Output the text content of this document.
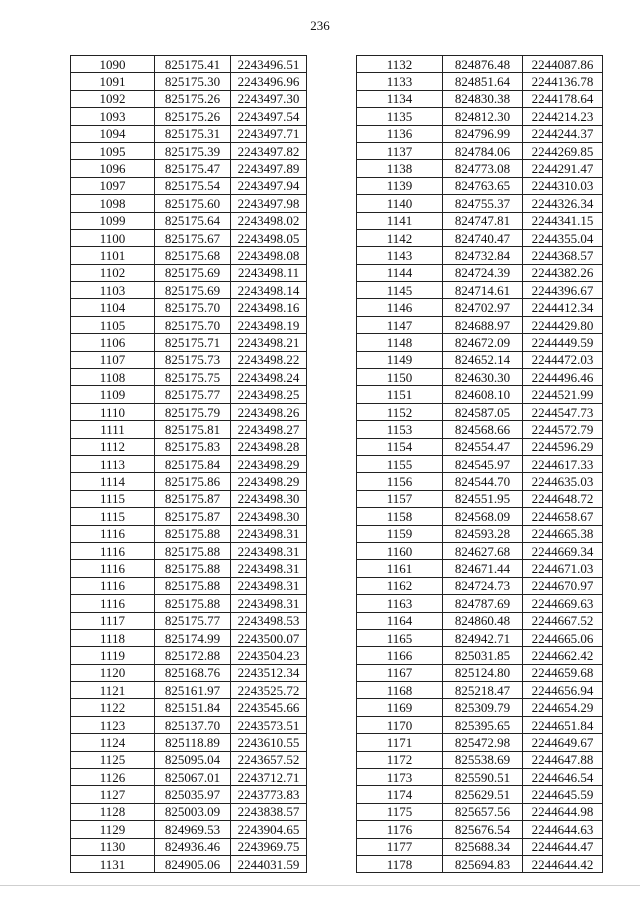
236
1090	825175.41	2243496.51
1091	825175.30	2243496.96
1092	825175.26	2243497.30
1093	825175.26	2243497.54
1094	825175.31	2243497.71
1095	825175.39	2243497.82
1096	825175.47	2243497.89
1097	825175.54	2243497.94
1098	825175.60	2243497.98
1099	825175.64	2243498.02
1100	825175.67	2243498.05
1101	825175.68	2243498.08
1102	825175.69	2243498.11
1103	825175.69	2243498.14
1104	825175.70	2243498.16
1105	825175.70	2243498.19
1106	825175.71	2243498.21
1107	825175.73	2243498.22
1108	825175.75	2243498.24
1109	825175.77	2243498.25
1110	825175.79	2243498.26
1111	825175.81	2243498.27
1112	825175.83	2243498.28
1113	825175.84	2243498.29
1114	825175.86	2243498.29
1115	825175.87	2243498.30
1115	825175.87	2243498.30
1116	825175.88	2243498.31
1116	825175.88	2243498.31
1116	825175.88	2243498.31
1116	825175.88	2243498.31
1116	825175.88	2243498.31
1117	825175.77	2243498.53
1118	825174.99	2243500.07
1119	825172.88	2243504.23
1120	825168.76	2243512.34
1121	825161.97	2243525.72
1122	825151.84	2243545.66
1123	825137.70	2243573.51
1124	825118.89	2243610.55
1125	825095.04	2243657.52
1126	825067.01	2243712.71
1127	825035.97	2243773.83
1128	825003.09	2243838.57
1129	824969.53	2243904.65
1130	824936.46	2243969.75
1131	824905.06	2244031.59
1132	824876.48	2244087.86
1133	824851.64	2244136.78
1134	824830.38	2244178.64
1135	824812.30	2244214.23
1136	824796.99	2244244.37
1137	824784.06	2244269.85
1138	824773.08	2244291.47
1139	824763.65	2244310.03
1140	824755.37	2244326.34
1141	824747.81	2244341.15
1142	824740.47	2244355.04
1143	824732.84	2244368.57
1144	824724.39	2244382.26
1145	824714.61	2244396.67
1146	824702.97	2244412.34
1147	824688.97	2244429.80
1148	824672.09	2244449.59
1149	824652.14	2244472.03
1150	824630.30	2244496.46
1151	824608.10	2244521.99
1152	824587.05	2244547.73
1153	824568.66	2244572.79
1154	824554.47	2244596.29
1155	824545.97	2244617.33
1156	824544.70	2244635.03
1157	824551.95	2244648.72
1158	824568.09	2244658.67
1159	824593.28	2244665.38
1160	824627.68	2244669.34
1161	824671.44	2244671.03
1162	824724.73	2244670.97
1163	824787.69	2244669.63
1164	824860.48	2244667.52
1165	824942.71	2244665.06
1166	825031.85	2244662.42
1167	825124.80	2244659.68
1168	825218.47	2244656.94
1169	825309.79	2244654.29
1170	825395.65	2244651.84
1171	825472.98	2244649.67
1172	825538.69	2244647.88
1173	825590.51	2244646.54
1174	825629.51	2244645.59
1175	825657.56	2244644.98
1176	825676.54	2244644.63
1177	825688.34	2244644.47
1178	825694.83	2244644.42
